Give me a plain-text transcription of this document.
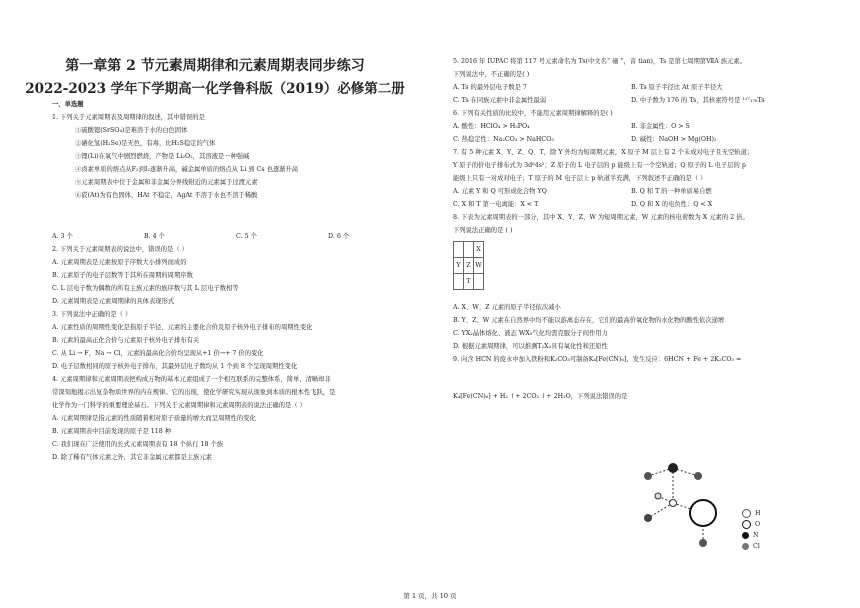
第一章第 2 节元素周期律和元素周期表同步练习
2022-2023 学年下学期高一化学鲁科版（2019）必修第二册
一、单选题
1. 下列关于元素周期表及周期律的叙述，其中错误的是
①硫酸锶(SrSO₄)是难溶于水的白色固体
②硒化氢(H₂Se)是无色，有毒，比H₂S稳定的气体
③锂(Li)在氧气中剧烈燃烧，产物是 Li₂O₂，其溶液是一种强碱
④卤素单质的熔点从F₂到I₂逐渐升高，碱金属单质的熔点从 Li 到 Cs 也逐渐升高
⑤元素周期表中位于金属和非金属分界线附近的元素属于过渡元素
⑥砹(At)为有色固体，HAt 不稳定，AgAt 不溶于水也不溶于稀酸
A. 3 个	B. 4 个	C. 5 个	D. 6 个
2. 下列关于元素周期表的说法中，错误的是（ ）
A. 元素周期表是元素按原子序数大小排列而成的
B. 元素原子的电子层数等于其所在周期的周期序数
C. L 层电子数为偶数的所有主族元素的族序数与其 L 层电子数相等
D. 元素周期表是元素周期律的具体表现形式
3. 下列说法中正确的是（ ）
A. 元素性质的周期性变化是指原子半径、元素的主要化合价及原子核外电子排布的周期性变化
B. 元素的最高正化合价与元素原子核外电子排布有关
C. 从 Li → F，Na → Cl，元素的最高化合价均呈现从+1 价→+ 7 价的变化
D. 电子层数相同的原子核外电子排布，其最外层电子数均从 1 个到 8 个呈现周期性变化
4. 元素周期律和元素周期表把构成万物的基本元素组成了一个相互联系的完整体系，简单、清晰却非
常深刻地揭示出复杂物质世界的内在规律。它的出现，使化学研究实现从现象到本质的根本性飞跃，是
化学作为一门科学的重要理论基石。下列关于元素周期律和元素周期表的说法正确的是（ ）
A. 元素周期律是指元素的性质随着相对原子质量的增大而呈周期性的变化
B. 元素周期表中目前发现的原子是 118 种
C. 我们现在广泛使用的长式元素周期表有 18 个纵行 18 个族
D. 除了稀有气体元素之外，其它非金属元素都是主族元素
5. 2016 年 IUPAC 将第 117 号元素命名为 Ts(中文名“ 鿬 ”，音 tian)，Ts 是第七周期第ⅦA 族元素。
下列说法中，不正确的是( )
A. Ts 的最外层电子数是 7	B. Ts 原子半径比 At 原子半径大
C. Ts 在同族元素中非金属性最弱	D. 中子数为 176 的 Ts，其核素符号是 ¹¹⁷₁₇₆Ts
6. 下列有关性质的比较中，不能用元素周期律解释的是( )
A. 酸性：HClO₄ > H₃PO₄	B. 非金属性：O > S
C. 热稳定性：Na₂CO₃ > NaHCO₃	D. 碱性：NaOH > Mg(OH)₂
7. 有 5 种元素 X、Y、Z、Q、T，除 Y 外均为短周期元素，X 原子 M 层上有 2 个未成对电子且无空轨道；
Y 原子的价电子排布式为 3d⁶4s²；Z 原子的 L 电子层的 p 能级上有一个空轨道；Q 原子的 L 电子层的 p
能级上只有一对成对电子；T 原子的 M 电子层上 p 轨道半充满，下列叙述不正确的是（ ）
A. 元素 Y 和 Q 可形成化合物 YQ	B. Q 和 T 的一种单质易自燃
C. X 和 T 第一电离能：X < T	D. Q 和 X 的电负性：Q < X
8. 下表为元素周期表的一部分，其中 X、Y、Z、W 为短周期元素，W 元素的核电荷数为 X 元素的 2 倍。
下列说法正确的是 ( )
		X
Y	Z	W
	T	
A. X、W、Z 元素的原子半径依次减小
B. Y、Z、W 元素在自然界中均不能以游离态存在，它们的最高价氧化物的水化物的酸性依次递增
C. YX₂晶体熔化、液态 WX₃气化均需克服分子间作用力
D. 根据元素周期律，可以推测T₂X₃具有氧化性和还原性
9. 向含 HCN 的废水中加入铁粉和K₂CO₃可制备K₄[Fe(CN)₆]，发生反应：6HCN + Fe + 2K₂CO₃ =
K₄[Fe(CN)₆] + H₂ ↑+ 2CO₂ ↑+ 2H₂O，下列说法错误的是
H
O
N
Cl
第 1 页，共 10 页
